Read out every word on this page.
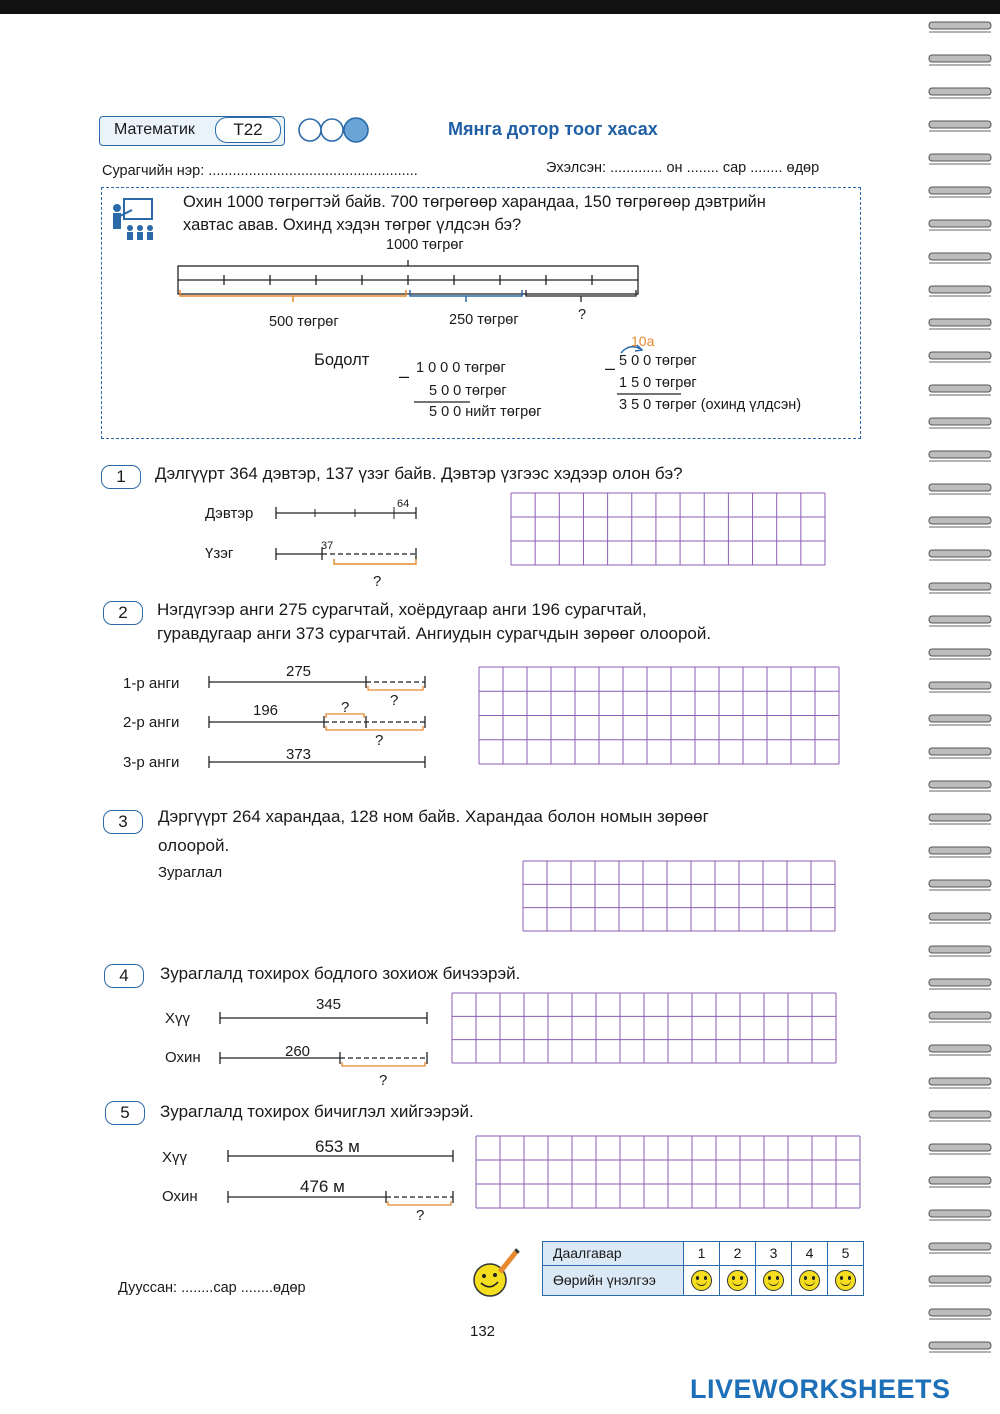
Математик	T22	Мянга дотор тоог хасах
Сурагчийн нэр: ....................................................	Эхэлсэн: ............. он ........ сар ........ өдөр
Охин 1000 төгрөгтэй байв. 700 төгрөгөөр харандаа, 150 төгрөгөөр дэвтрийн
хавтас авав. Охинд хэдэн төгрөг үлдсэн бэ?
1000 төгрөг
500 төгрөг	250 төгрөг	?
Бодолт
– 1 0 0 0 төгрөг
5 0 0 төгрөг
5 0 0 нийт төгрөг
10а
– 5 0 0 төгрөг
1 5 0 төгрөг
3 5 0 төгрөг (охинд үлдсэн)
1	Дэлгүүрт 364 дэвтэр, 137 үзэг байв. Дэвтэр үзгээс хэдээр олон бэ?
Дэвтэр
Үзэг
64
37
?
2	Нэгдүгээр анги 275 сурагчтай, хоёрдугаар анги 196 сурагчтай,
гуравдугаар анги 373 сурагчтай. Ангиудын сурагчдын зөрөөг олоорой.
1-р анги
2-р анги
3-р анги
275
196
373
?
?
?
3	Дэргүүрт 264 харандаа, 128 ном байв. Харандаа болон номын зөрөөг
олоорой.
Зураглал
4	Зураглалд тохирох бодлого зохиож бичээрэй.
Хүү
Охин
345
260
?
5	Зураглалд тохирох бичиглэл хийгээрэй.
Хүү
Охин
653 м
476 м
?
Дууссан: ........сар ........өдөр
Даалгавар	1	2	3	4	5
Өөрийн үнэлгээ					
132
LIVEWORKSHEETS
